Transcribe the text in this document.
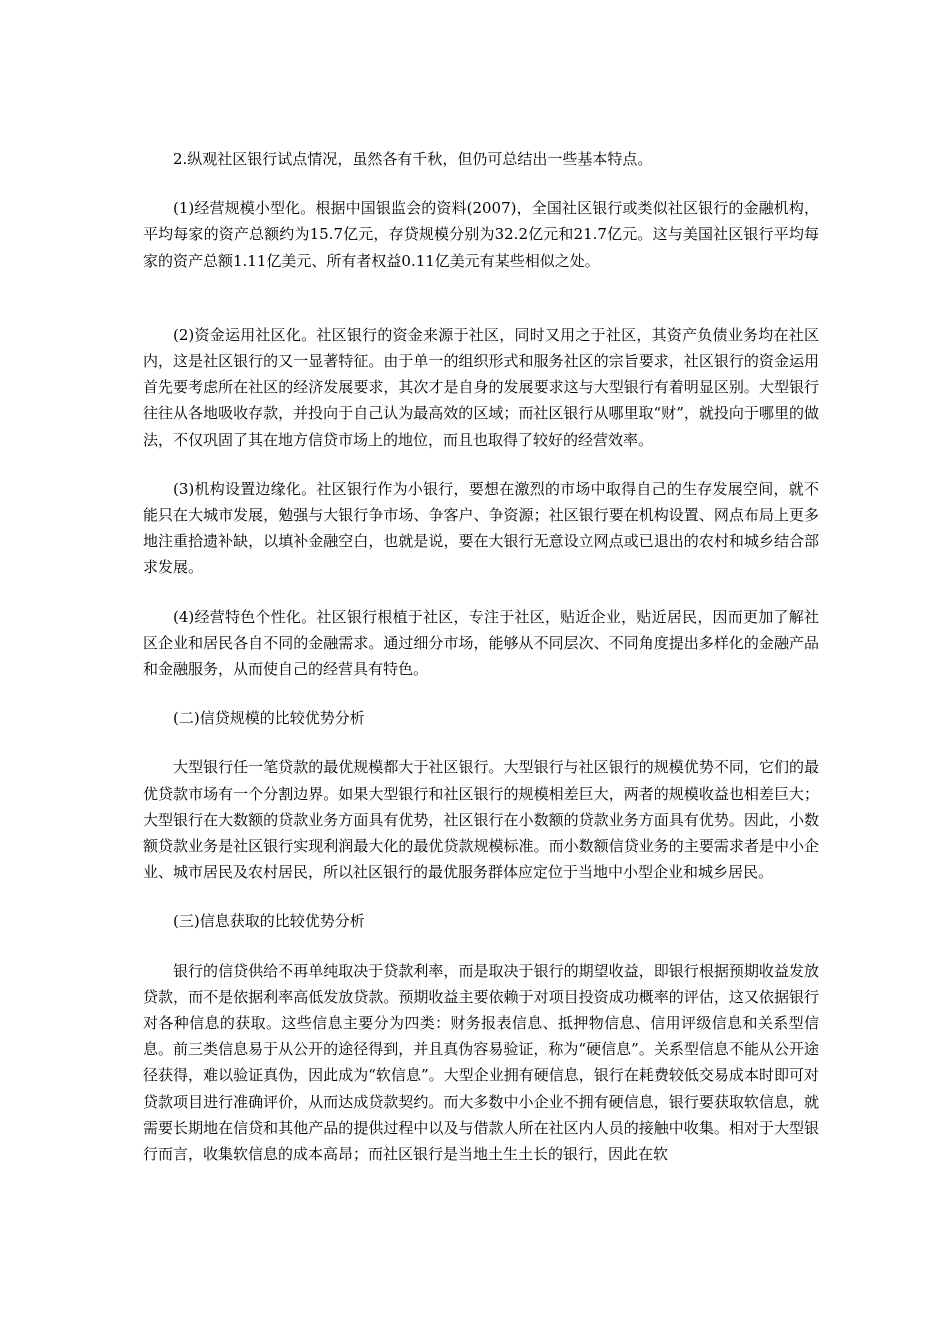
2.纵观社区银行试点情况，虽然各有千秋，但仍可总结出一些基本特点。

(1)经营规模小型化。根据中国银监会的资料(2007)，全国社区银行或类似社区银行的金融机构，平均每家的资产总额约为15.7亿元，存贷规模分别为32.2亿元和21.7亿元。这与美国社区银行平均每家的资产总额1.11亿美元、所有者权益0.11亿美元有某些相似之处。

(2)资金运用社区化。社区银行的资金来源于社区，同时又用之于社区，其资产负债业务均在社区内，这是社区银行的又一显著特征。由于单一的组织形式和服务社区的宗旨要求，社区银行的资金运用首先要考虑所在社区的经济发展要求，其次才是自身的发展要求这与大型银行有着明显区别。大型银行往往从各地吸收存款，并投向于自己认为最高效的区域；而社区银行从哪里取“财”，就投向于哪里的做法，不仅巩固了其在地方信贷市场上的地位，而且也取得了较好的经营效率。

(3)机构设置边缘化。社区银行作为小银行，要想在激烈的市场中取得自己的生存发展空间，就不能只在大城市发展，勉强与大银行争市场、争客户、争资源；社区银行要在机构设置、网点布局上更多地注重拾遗补缺，以填补金融空白，也就是说，要在大银行无意设立网点或已退出的农村和城乡结合部求发展。

(4)经营特色个性化。社区银行根植于社区，专注于社区，贴近企业，贴近居民，因而更加了解社区企业和居民各自不同的金融需求。通过细分市场，能够从不同层次、不同角度提出多样化的金融产品和金融服务，从而使自己的经营具有特色。

(二)信贷规模的比较优势分析

大型银行任一笔贷款的最优规模都大于社区银行。大型银行与社区银行的规模优势不同，它们的最优贷款市场有一个分割边界。如果大型银行和社区银行的规模相差巨大，两者的规模收益也相差巨大；大型银行在大数额的贷款业务方面具有优势，社区银行在小数额的贷款业务方面具有优势。因此，小数额贷款业务是社区银行实现利润最大化的最优贷款规模标准。而小数额信贷业务的主要需求者是中小企业、城市居民及农村居民，所以社区银行的最优服务群体应定位于当地中小型企业和城乡居民。

(三)信息获取的比较优势分析

银行的信贷供给不再单纯取决于贷款利率，而是取决于银行的期望收益，即银行根据预期收益发放贷款，而不是依据利率高低发放贷款。预期收益主要依赖于对项目投资成功概率的评估，这又依据银行对各种信息的获取。这些信息主要分为四类：财务报表信息、抵押物信息、信用评级信息和关系型信息。前三类信息易于从公开的途径得到，并且真伪容易验证，称为“硬信息”。关系型信息不能从公开途径获得，难以验证真伪，因此成为“软信息”。大型企业拥有硬信息，银行在耗费较低交易成本时即可对贷款项目进行准确评价，从而达成贷款契约。而大多数中小企业不拥有硬信息，银行要获取软信息，就需要长期地在信贷和其他产品的提供过程中以及与借款人所在社区内人员的接触中收集。相对于大型银行而言，收集软信息的成本高昂；而社区银行是当地土生土长的银行，因此在软
